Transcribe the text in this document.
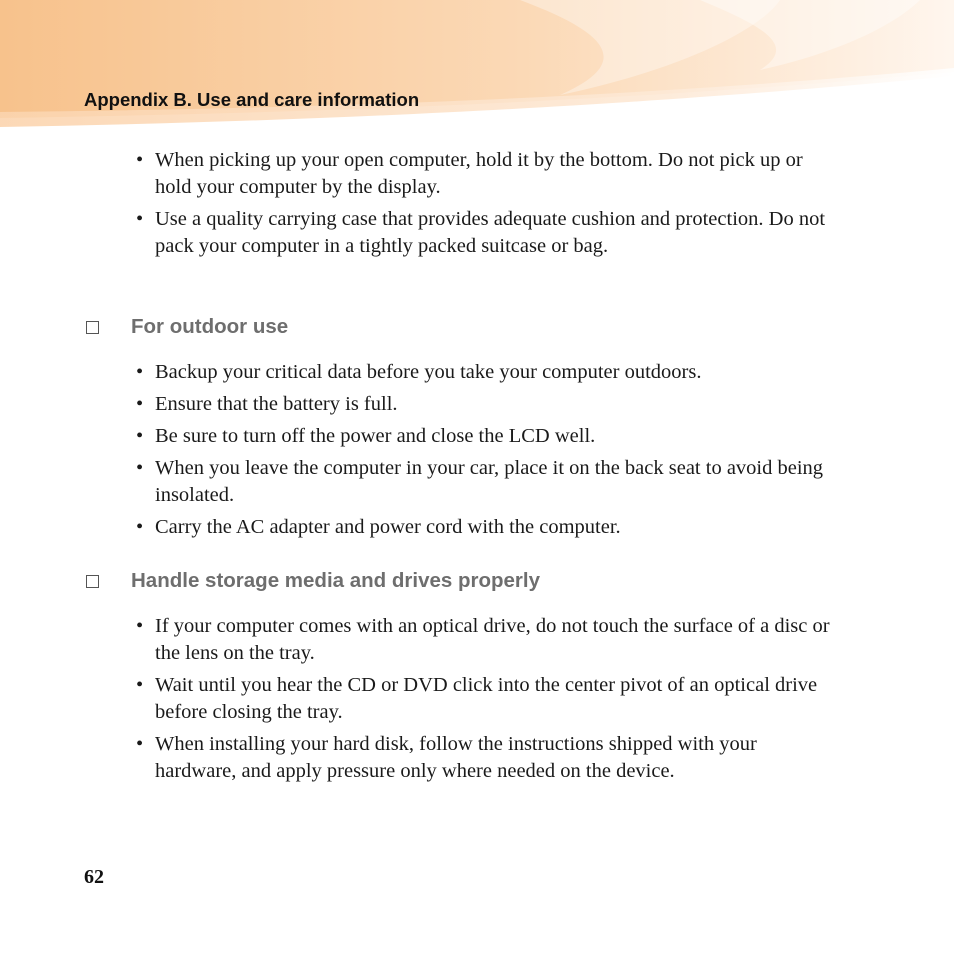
Appendix B. Use and care information
• When picking up your open computer, hold it by the bottom. Do not pick up or hold your computer by the display.
• Use a quality carrying case that provides adequate cushion and protection. Do not pack your computer in a tightly packed suitcase or bag.
For outdoor use
• Backup your critical data before you take your computer outdoors.
• Ensure that the battery is full.
• Be sure to turn off the power and close the LCD well.
• When you leave the computer in your car, place it on the back seat to avoid being insolated.
• Carry the AC adapter and power cord with the computer.
Handle storage media and drives properly
• If your computer comes with an optical drive, do not touch the surface of a disc or the lens on the tray.
• Wait until you hear the CD or DVD click into the center pivot of an optical drive before closing the tray.
• When installing your hard disk, follow the instructions shipped with your hardware, and apply pressure only where needed on the device.
62
